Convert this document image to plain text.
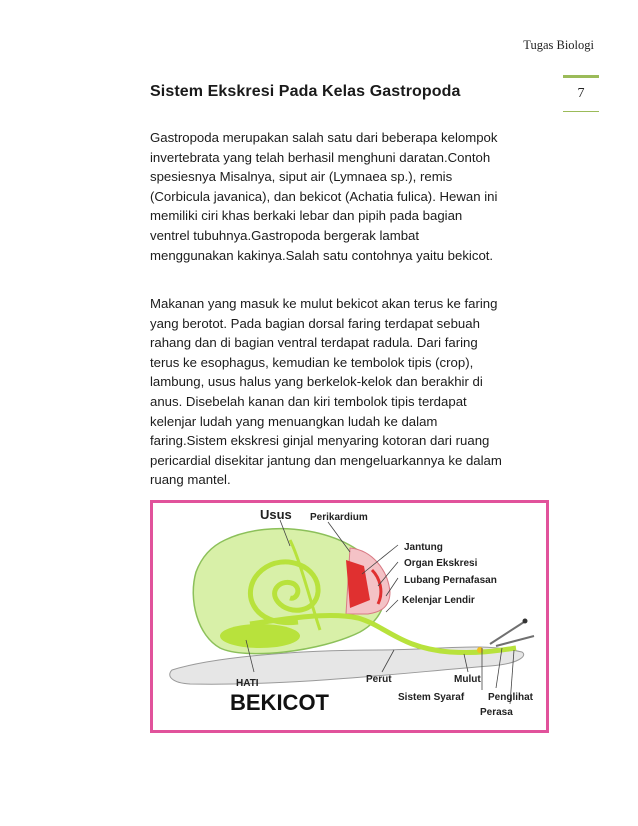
Tugas Biologi
7
Sistem Ekskresi Pada Kelas Gastropoda
Gastropoda merupakan salah satu dari beberapa kelompok
invertebrata yang telah berhasil menghuni daratan.Contoh
spesiesnya Misalnya, siput air (Lymnaea sp.), remis
(Corbicula javanica), dan bekicot (Achatia fulica). Hewan ini
memiliki ciri khas berkaki lebar dan pipih pada bagian
ventrel tubuhnya.Gastropoda bergerak lambat
menggunakan kakinya.Salah satu contohnya yaitu bekicot.
Makanan yang masuk ke mulut bekicot akan terus ke faring
yang berotot. Pada bagian dorsal faring terdapat sebuah
rahang dan di bagian ventral terdapat radula. Dari faring
terus ke esophagus, kemudian ke tembolok tipis (crop),
lambung, usus halus yang berkelok-kelok dan berakhir di
anus. Disebelah kanan dan kiri tembolok tipis terdapat
kelenjar ludah yang menuangkan ludah ke dalam
faring.Sistem ekskresi ginjal menyaring kotoran dari ruang
pericardial disekitar jantung dan mengeluarkannya ke dalam
ruang mantel.
Usus Perikardium
Jantung
Organ Ekskresi
Lubang Pernafasan
Kelenjar Lendir
HATI
BEKICOT
Perut	Mulut
Sistem Syaraf Penglihat
Perasa
